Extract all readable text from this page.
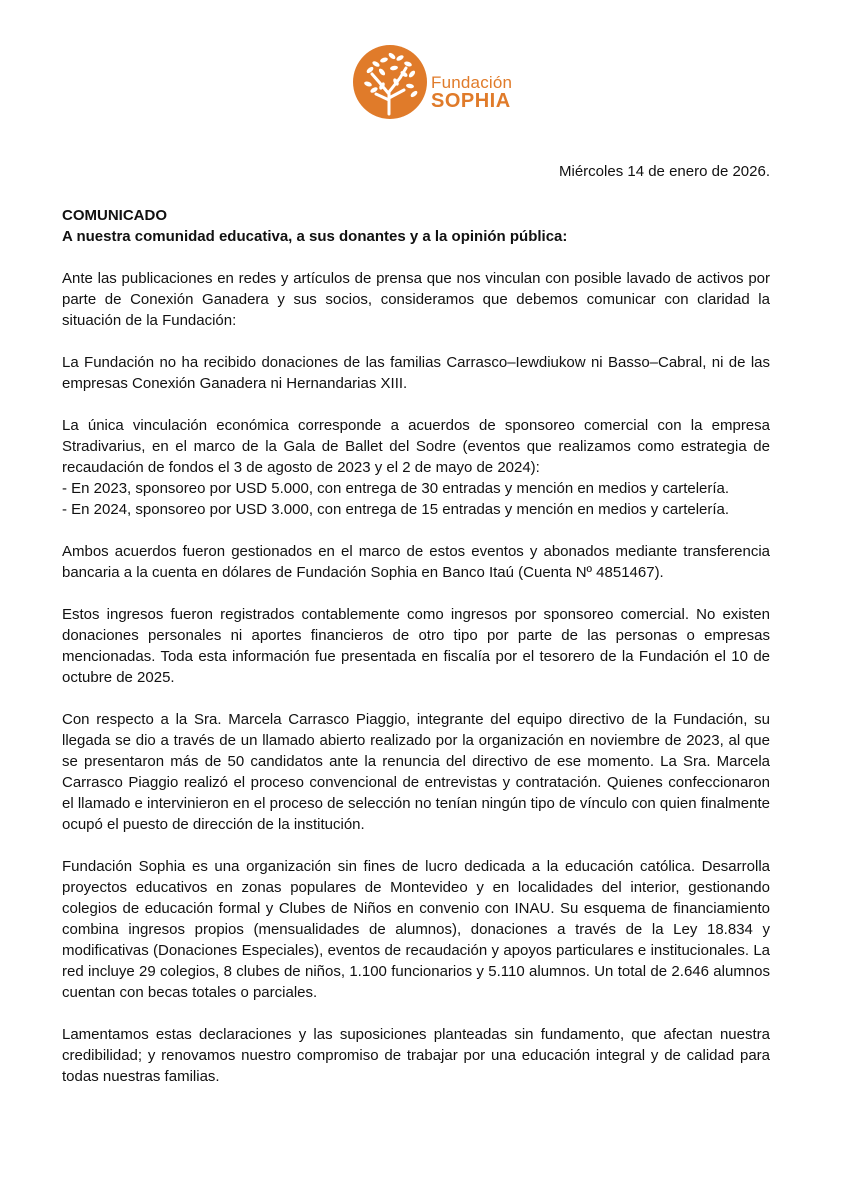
Fundación
SOPHIA
Miércoles 14 de enero de 2026.

COMUNICADO
A nuestra comunidad educativa, a sus donantes y a la opinión pública:

Ante las publicaciones en redes y artículos de prensa que nos vinculan con posible lavado de activos por parte de Conexión Ganadera y sus socios, consideramos que debemos comunicar con claridad la situación de la Fundación:

La Fundación no ha recibido donaciones de las familias Carrasco–Iewdiukow ni Basso–Cabral, ni de las empresas Conexión Ganadera ni Hernandarias XIII.

La única vinculación económica corresponde a acuerdos de sponsoreo comercial con la empresa Stradivarius, en el marco de la Gala de Ballet del Sodre (eventos que realizamos como estrategia de recaudación de fondos el 3 de agosto de 2023 y el 2 de mayo de 2024):
- En 2023, sponsoreo por USD 5.000, con entrega de 30 entradas y mención en medios y cartelería.
- En 2024, sponsoreo por USD 3.000, con entrega de 15 entradas y mención en medios y cartelería.

Ambos acuerdos fueron gestionados en el marco de estos eventos y abonados mediante transferencia bancaria a la cuenta en dólares de Fundación Sophia en Banco Itaú (Cuenta Nº 4851467).

Estos ingresos fueron registrados contablemente como ingresos por sponsoreo comercial. No existen donaciones personales ni aportes financieros de otro tipo por parte de las personas o empresas mencionadas. Toda esta información fue presentada en fiscalía por el tesorero de la Fundación el 10 de octubre de 2025.

Con respecto a la Sra. Marcela Carrasco Piaggio, integrante del equipo directivo de la Fundación, su llegada se dio a través de un llamado abierto realizado por la organización en noviembre de 2023, al que se presentaron más de 50 candidatos ante la renuncia del directivo de ese momento. La Sra. Marcela Carrasco Piaggio realizó el proceso convencional de entrevistas y contratación. Quienes confeccionaron el llamado e intervinieron en el proceso de selección no tenían ningún tipo de vínculo con quien finalmente ocupó el puesto de dirección de la institución.

Fundación Sophia es una organización sin fines de lucro dedicada a la educación católica. Desarrolla proyectos educativos en zonas populares de Montevideo y en localidades del interior, gestionando colegios de educación formal y Clubes de Niños en convenio con INAU. Su esquema de financiamiento combina ingresos propios (mensualidades de alumnos), donaciones a través de la Ley 18.834 y modificativas (Donaciones Especiales), eventos de recaudación y apoyos particulares e institucionales. La red incluye 29 colegios, 8 clubes de niños, 1.100 funcionarios y 5.110 alumnos. Un total de 2.646 alumnos cuentan con becas totales o parciales.

Lamentamos estas declaraciones y las suposiciones planteadas sin fundamento, que afectan nuestra credibilidad; y renovamos nuestro compromiso de trabajar por una educación integral y de calidad para todas nuestras familias.
